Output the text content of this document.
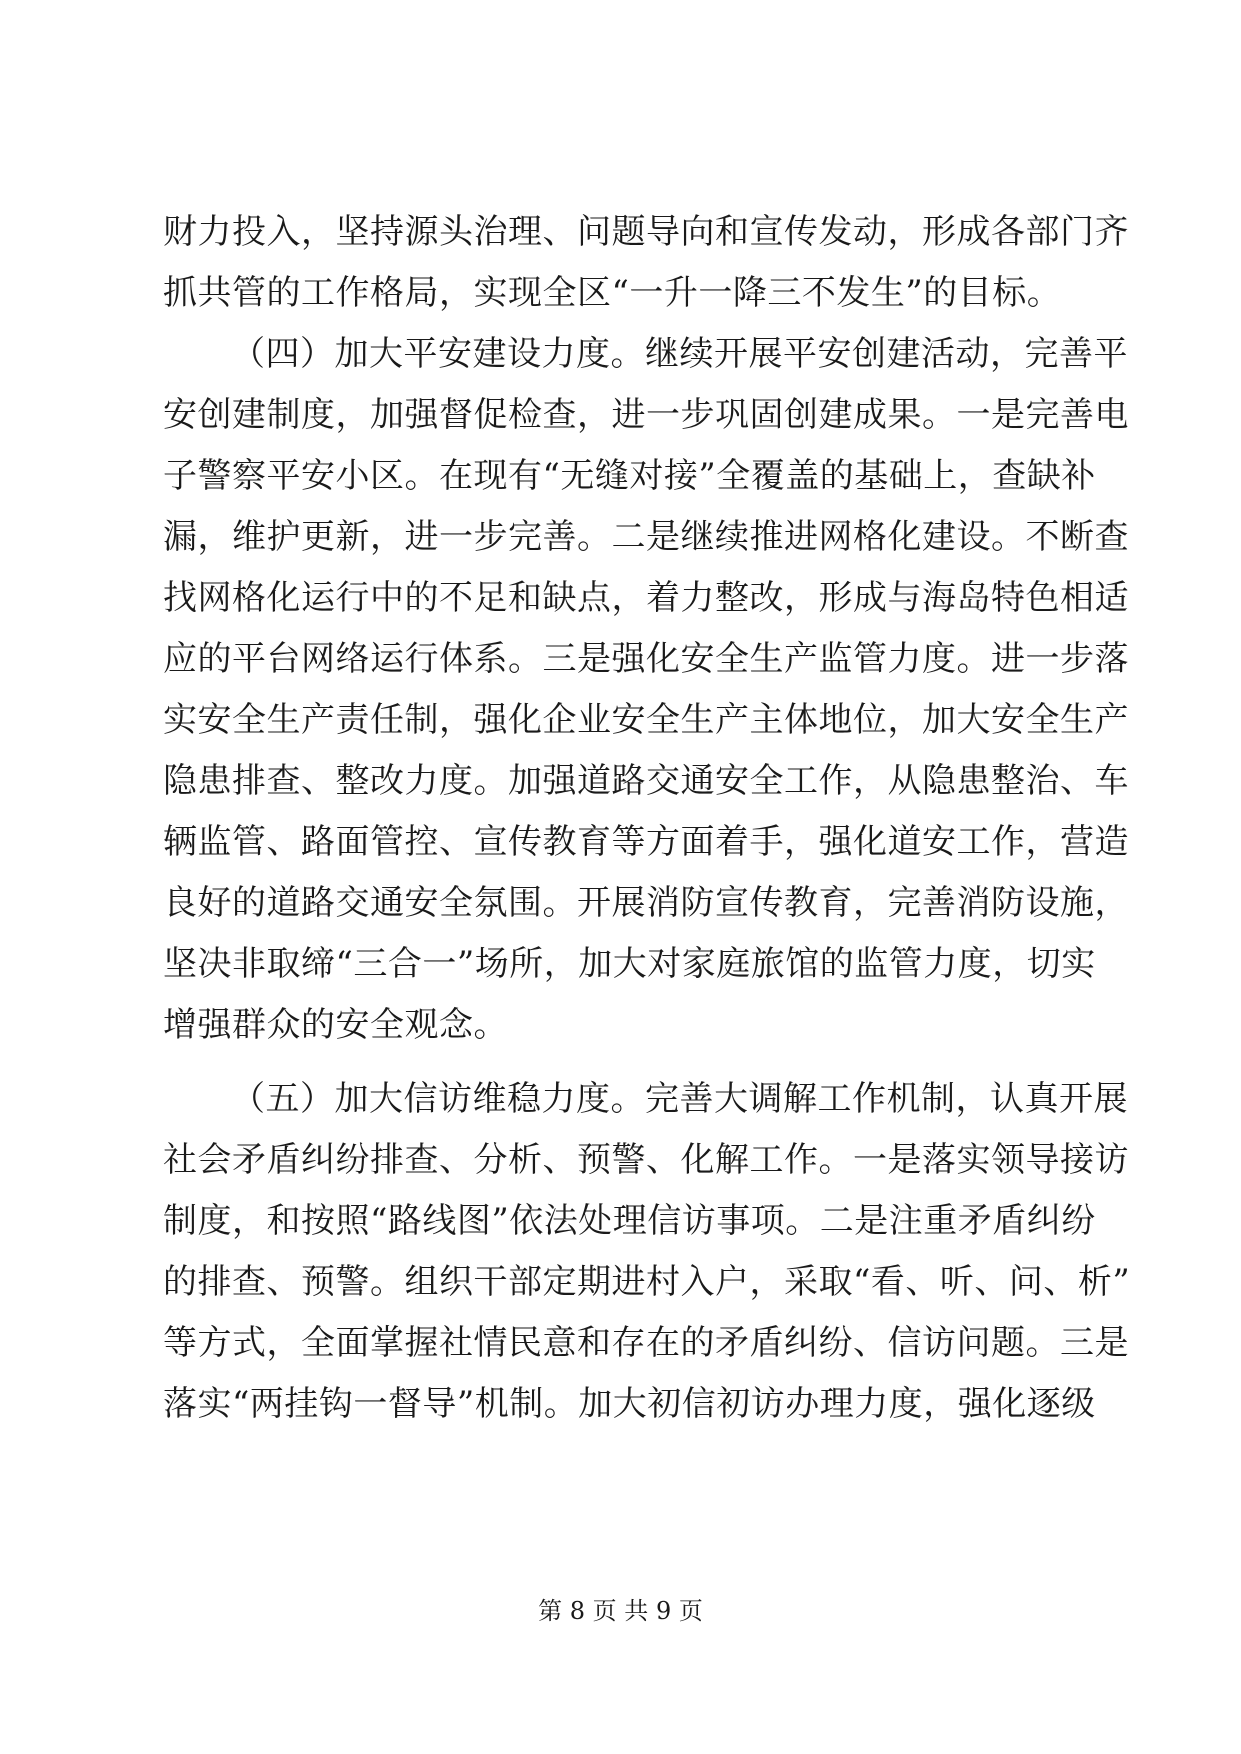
财力投入，坚持源头治理、问题导向和宣传发动，形成各部门齐
抓共管的工作格局，实现全区“一升一降三不发生”的目标。
（四）加大平安建设力度。继续开展平安创建活动，完善平
安创建制度，加强督促检查，进一步巩固创建成果。一是完善电
子警察平安小区。在现有“无缝对接”全覆盖的基础上，查缺补
漏，维护更新，进一步完善。二是继续推进网格化建设。不断查
找网格化运行中的不足和缺点，着力整改，形成与海岛特色相适
应的平台网络运行体系。三是强化安全生产监管力度。进一步落
实安全生产责任制，强化企业安全生产主体地位，加大安全生产
隐患排查、整改力度。加强道路交通安全工作，从隐患整治、车
辆监管、路面管控、宣传教育等方面着手，强化道安工作，营造
良好的道路交通安全氛围。开展消防宣传教育，完善消防设施，
坚决非取缔“三合一”场所，加大对家庭旅馆的监管力度，切实
增强群众的安全观念。
（五）加大信访维稳力度。完善大调解工作机制，认真开展
社会矛盾纠纷排查、分析、预警、化解工作。一是落实领导接访
制度，和按照“路线图”依法处理信访事项。二是注重矛盾纠纷
的排查、预警。组织干部定期进村入户，采取“看、听、问、析”
等方式，全面掌握社情民意和存在的矛盾纠纷、信访问题。三是
落实“两挂钩一督导”机制。加大初信初访办理力度，强化逐级
第 8 页 共 9 页
